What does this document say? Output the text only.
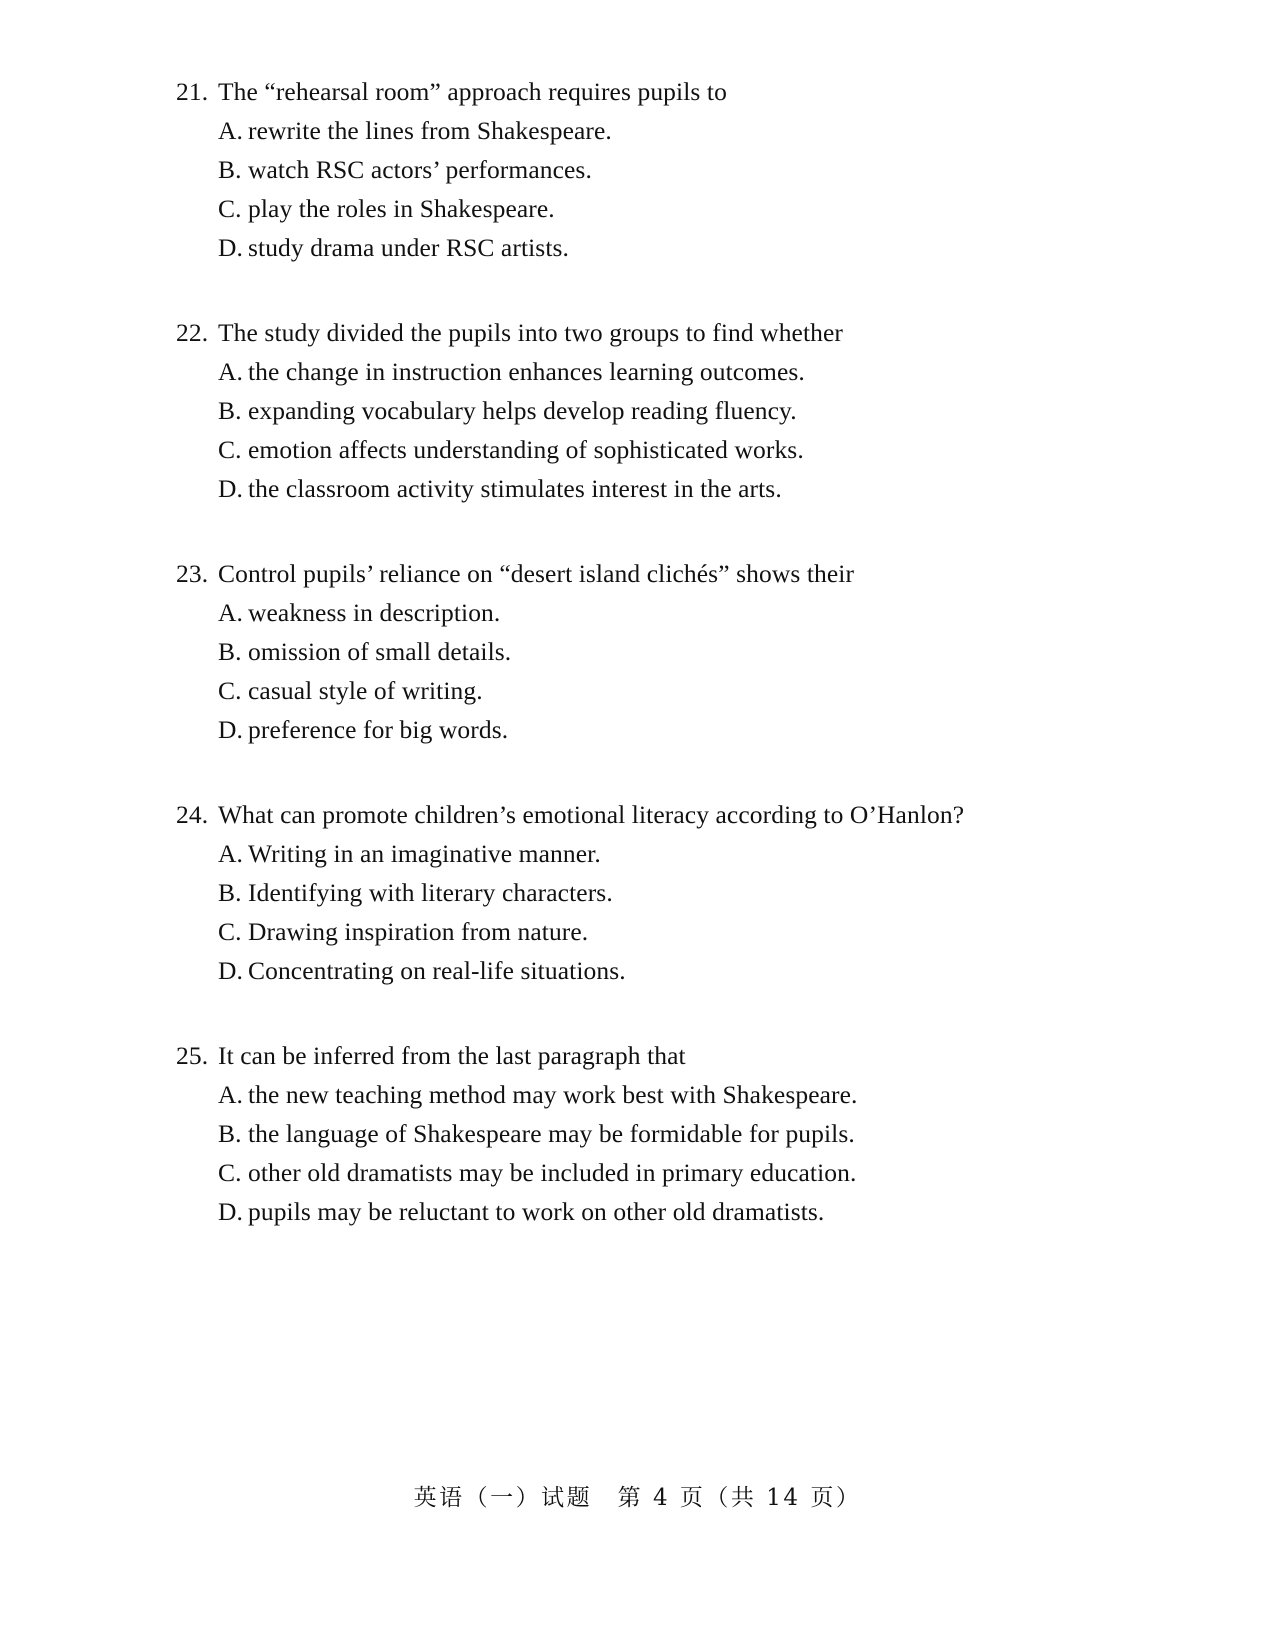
21. The “rehearsal room” approach requires pupils to
A. rewrite the lines from Shakespeare.
B. watch RSC actors’ performances.
C. play the roles in Shakespeare.
D. study drama under RSC artists.
22. The study divided the pupils into two groups to find whether
A. the change in instruction enhances learning outcomes.
B. expanding vocabulary helps develop reading fluency.
C. emotion affects understanding of sophisticated works.
D. the classroom activity stimulates interest in the arts.
23. Control pupils’ reliance on “desert island clichés” shows their
A. weakness in description.
B. omission of small details.
C. casual style of writing.
D. preference for big words.
24. What can promote children’s emotional literacy according to O’Hanlon?
A. Writing in an imaginative manner.
B. Identifying with literary characters.
C. Drawing inspiration from nature.
D. Concentrating on real-life situations.
25. It can be inferred from the last paragraph that
A. the new teaching method may work best with Shakespeare.
B. the language of Shakespeare may be formidable for pupils.
C. other old dramatists may be included in primary education.
D. pupils may be reluctant to work on other old dramatists.
英语（一）试题　第 4 页（共 14 页）
